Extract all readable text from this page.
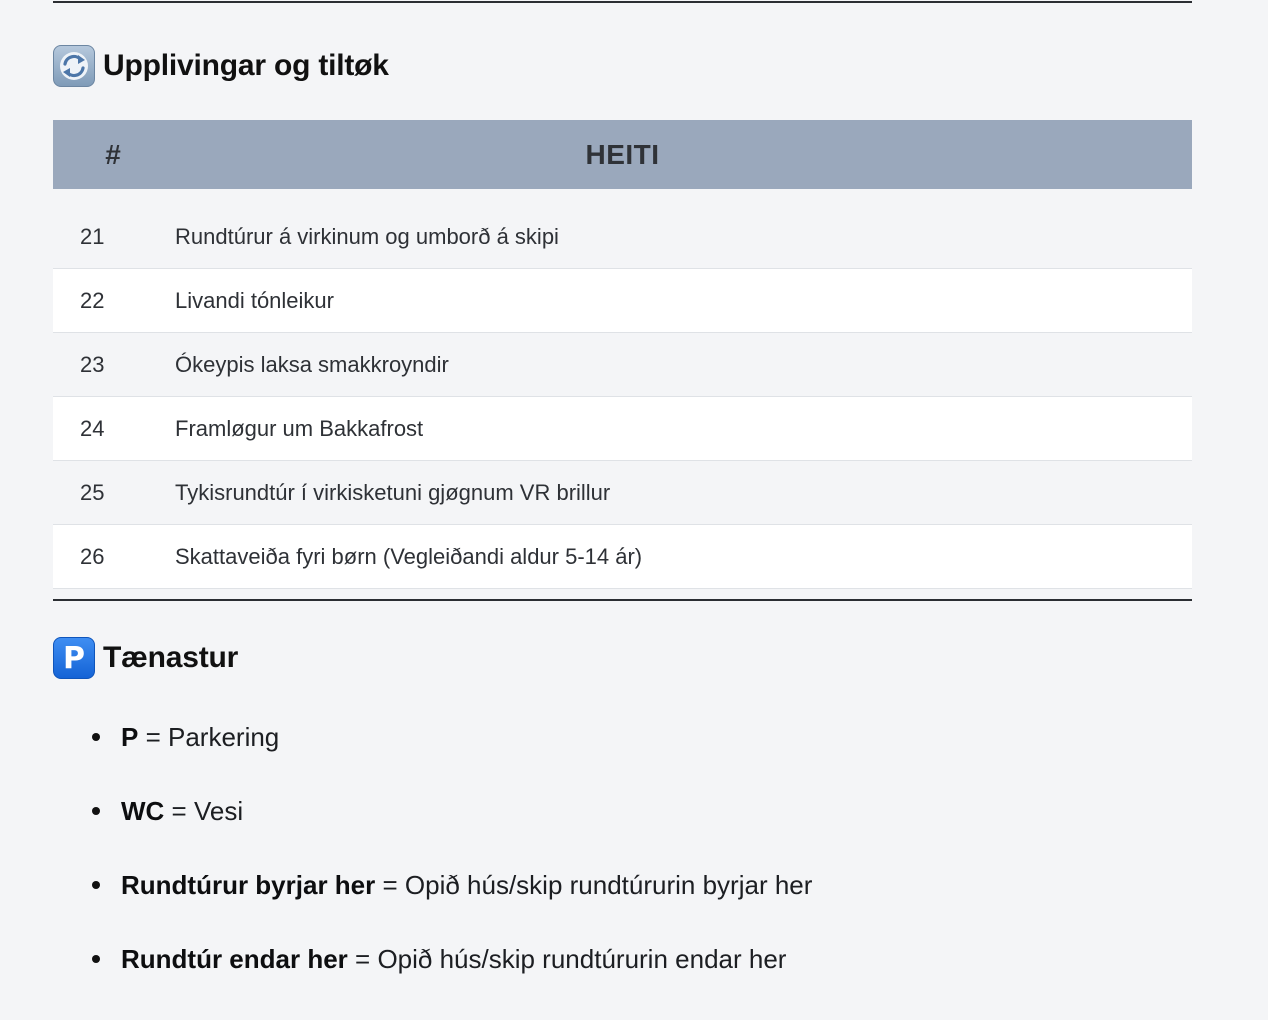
Upplivingar og tiltøk
#	HEITI
21	Rundtúrur á virkinum og umborð á skipi
22	Livandi tónleikur
23	Ókeypis laksa smakkroyndir
24	Framløgur um Bakkafrost
25	Tykisrundtúr í virkisketuni gjøgnum VR brillur
26	Skattaveiða fyri børn (Vegleiðandi aldur 5-14 ár)
P Tænastur
P = Parkering
WC = Vesi
Rundtúrur byrjar her = Opið hús/skip rundtúrurin byrjar her
Rundtúr endar her = Opið hús/skip rundtúrurin endar her
